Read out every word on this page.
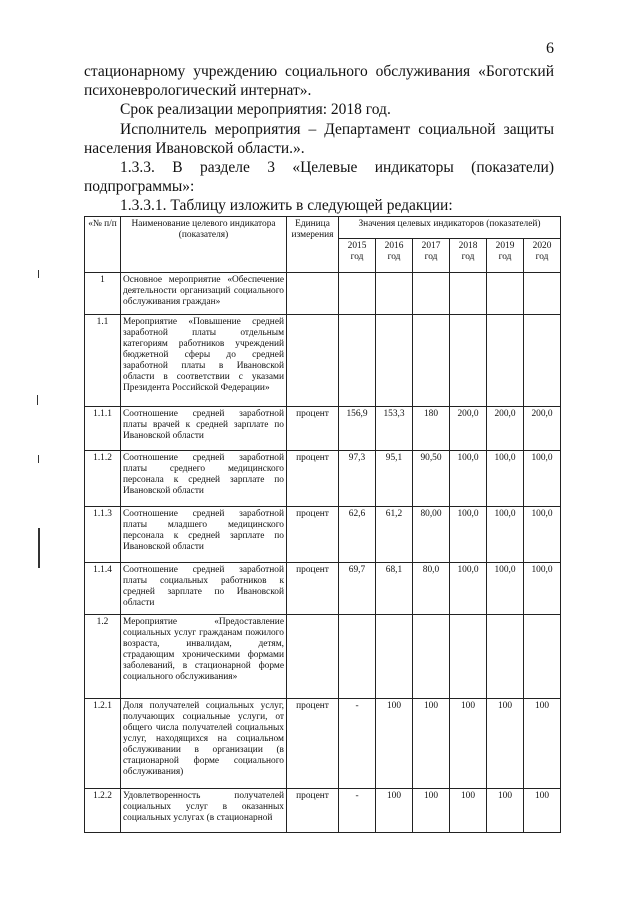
6

стационарному учреждению социального обслуживания «Боготский психоневрологический интернат».

Срок реализации мероприятия: 2018 год.

Исполнитель мероприятия – Департамент социальной защиты населения Ивановской области.».

1.3.3. В разделе 3 «Целевые индикаторы (показатели) подпрограммы»:

1.3.3.1. Таблицу изложить в следующей редакции:

«№ п/п	Наименование целевого индикатора (показателя)	Единица измерения	Значения целевых индикаторов (показателей)					
			2015 год	2016 год	2017 год	2018 год	2019 год	2020 год
1	Основное мероприятие «Обеспечение деятельности организаций социального обслуживания граждан»							
1.1	Мероприятие «Повышение средней заработной платы отдельным категориям работников учреждений бюджетной сферы до средней заработной платы в Ивановской области в соответствии с указами Президента Российской Федерации»							
1.1.1	Соотношение средней заработной платы врачей к средней зарплате по Ивановской области	процент	156,9	153,3	180	200,0	200,0	200,0
1.1.2	Соотношение средней заработной платы среднего медицинского персонала к средней зарплате по Ивановской области	процент	97,3	95,1	90,50	100,0	100,0	100,0
1.1.3	Соотношение средней заработной платы младшего медицинского персонала к средней зарплате по Ивановской области	процент	62,6	61,2	80,00	100,0	100,0	100,0
1.1.4	Соотношение средней заработной платы социальных работников к средней зарплате по Ивановской области	процент	69,7	68,1	80,0	100,0	100,0	100,0
1.2	Мероприятие «Предоставление социальных услуг гражданам пожилого возраста, инвалидам, детям, страдающим хроническими формами заболеваний, в стационарной форме социального обслуживания»							
1.2.1	Доля получателей социальных услуг, получающих социальные услуги, от общего числа получателей социальных услуг, находящихся на социальном обслуживании в организации (в стационарной форме социального обслуживания)	процент	-	100	100	100	100	100
1.2.2	Удовлетворенность получателей социальных услуг в оказанных социальных услугах (в стационарной	процент	-	100	100	100	100	100
